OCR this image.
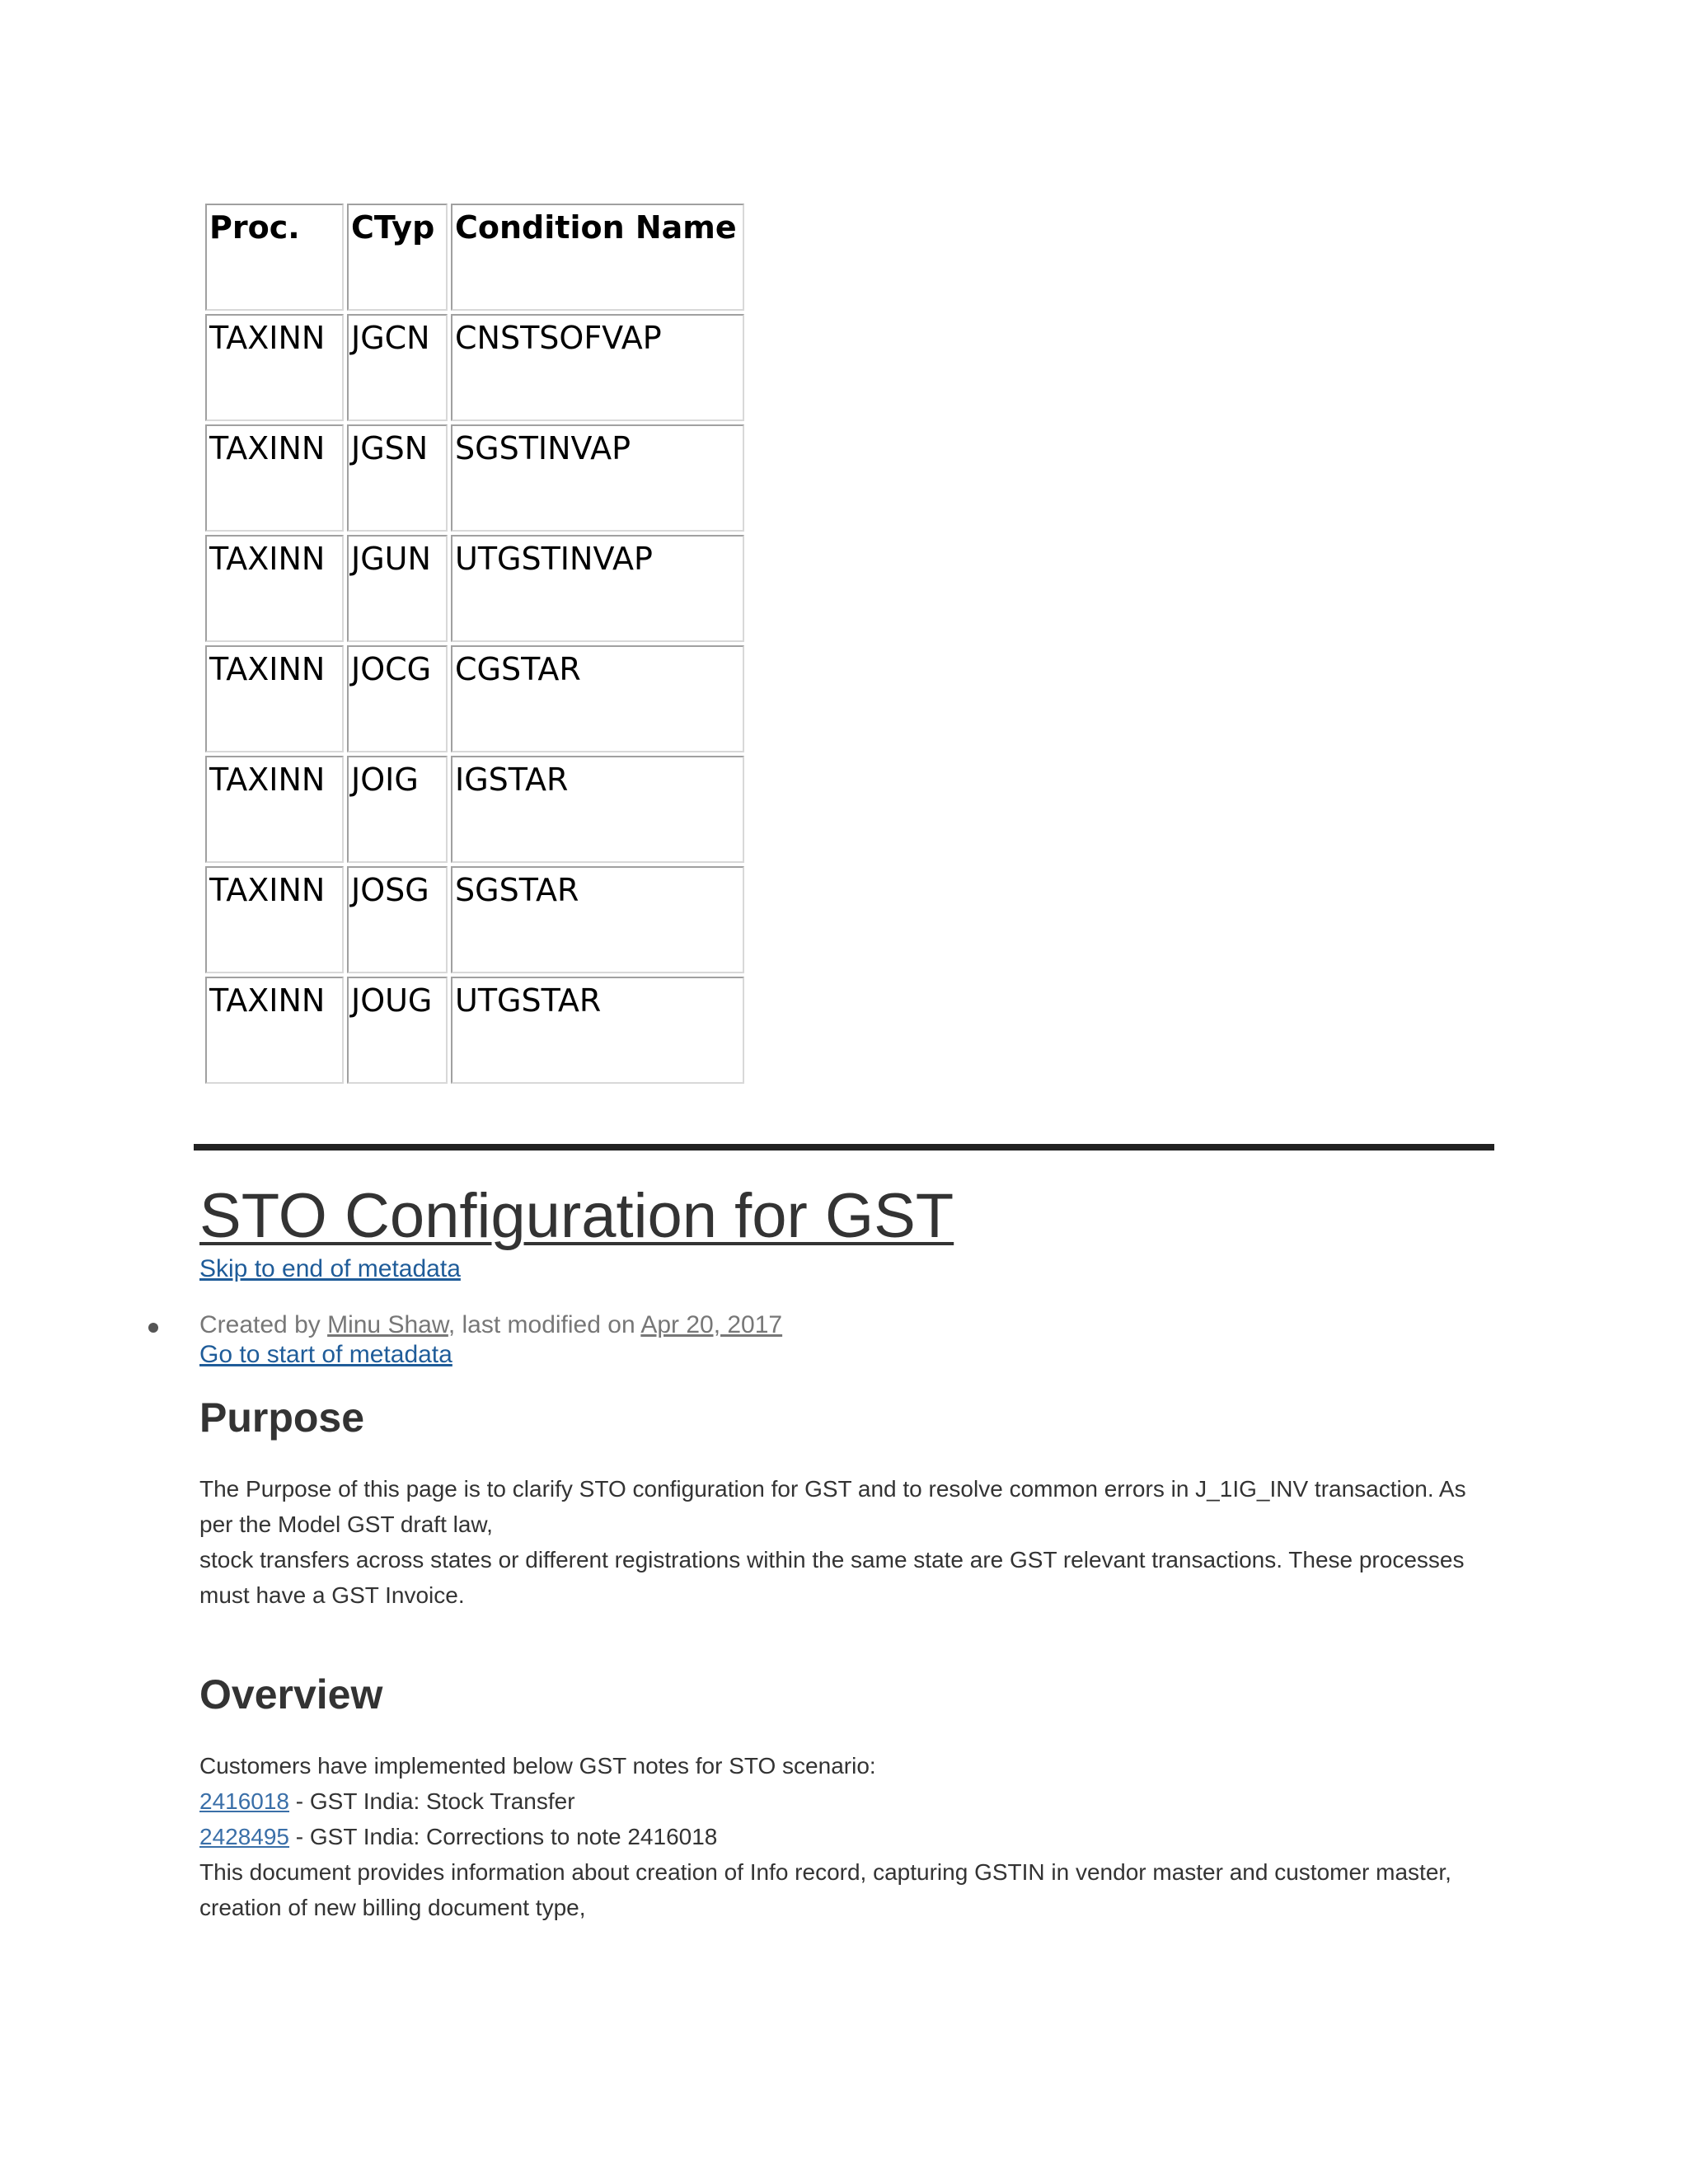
Proc.	CTyp	Condition Name
TAXINN	JGCN	CNSTSOFVAP
TAXINN	JGSN	SGSTINVAP
TAXINN	JGUN	UTGSTINVAP
TAXINN	JOCG	CGSTAR
TAXINN	JOIG	IGSTAR
TAXINN	JOSG	SGSTAR
TAXINN	JOUG	UTGSTAR
STO Configuration for GST
Skip to end of metadata
Created by Minu Shaw, last modified on Apr 20, 2017
Go to start of metadata
Purpose

The Purpose of this page is to clarify STO configuration for GST and to resolve common errors in J_1IG_INV transaction. As
per the Model GST draft law,
stock transfers across states or different registrations within the same state are GST relevant transactions. These processes
must have a GST Invoice.

Overview

Customers have implemented below GST notes for STO scenario:
2416018 - GST India: Stock Transfer
2428495 - GST India: Corrections to note 2416018
This document provides information about creation of Info record, capturing GSTIN in vendor master and customer master,
creation of new billing document type,
